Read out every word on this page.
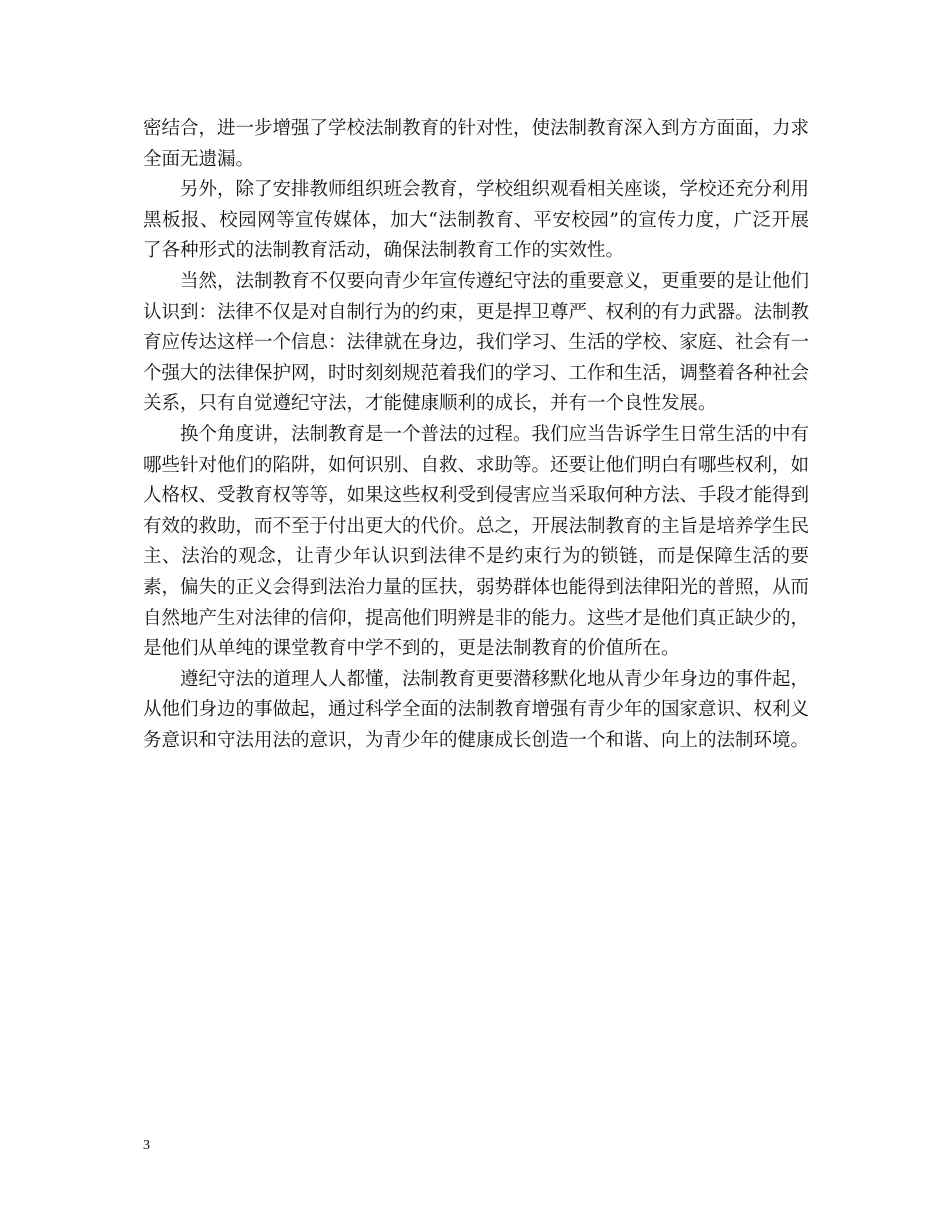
密结合，进一步增强了学校法制教育的针对性，使法制教育深入到方方面面，力求全面无遗漏。

另外，除了安排教师组织班会教育，学校组织观看相关座谈，学校还充分利用黑板报、校园网等宣传媒体，加大“法制教育、平安校园”的宣传力度，广泛开展了各种形式的法制教育活动，确保法制教育工作的实效性。

当然，法制教育不仅要向青少年宣传遵纪守法的重要意义，更重要的是让他们认识到：法律不仅是对自制行为的约束，更是捍卫尊严、权利的有力武器。法制教育应传达这样一个信息：法律就在身边，我们学习、生活的学校、家庭、社会有一个强大的法律保护网，时时刻刻规范着我们的学习、工作和生活，调整着各种社会关系，只有自觉遵纪守法，才能健康顺利的成长，并有一个良性发展。

换个角度讲，法制教育是一个普法的过程。我们应当告诉学生日常生活的中有哪些针对他们的陷阱，如何识别、自救、求助等。还要让他们明白有哪些权利，如人格权、受教育权等等，如果这些权利受到侵害应当采取何种方法、手段才能得到有效的救助，而不至于付出更大的代价。总之，开展法制教育的主旨是培养学生民主、法治的观念，让青少年认识到法律不是约束行为的锁链，而是保障生活的要素，偏失的正义会得到法治力量的匡扶，弱势群体也能得到法律阳光的普照，从而自然地产生对法律的信仰，提高他们明辨是非的能力。这些才是他们真正缺少的，是他们从单纯的课堂教育中学不到的，更是法制教育的价值所在。

遵纪守法的道理人人都懂，法制教育更要潜移默化地从青少年身边的事件起，从他们身边的事做起，通过科学全面的法制教育增强有青少年的国家意识、权利义务意识和守法用法的意识，为青少年的健康成长创造一个和谐、向上的法制环境。

3
